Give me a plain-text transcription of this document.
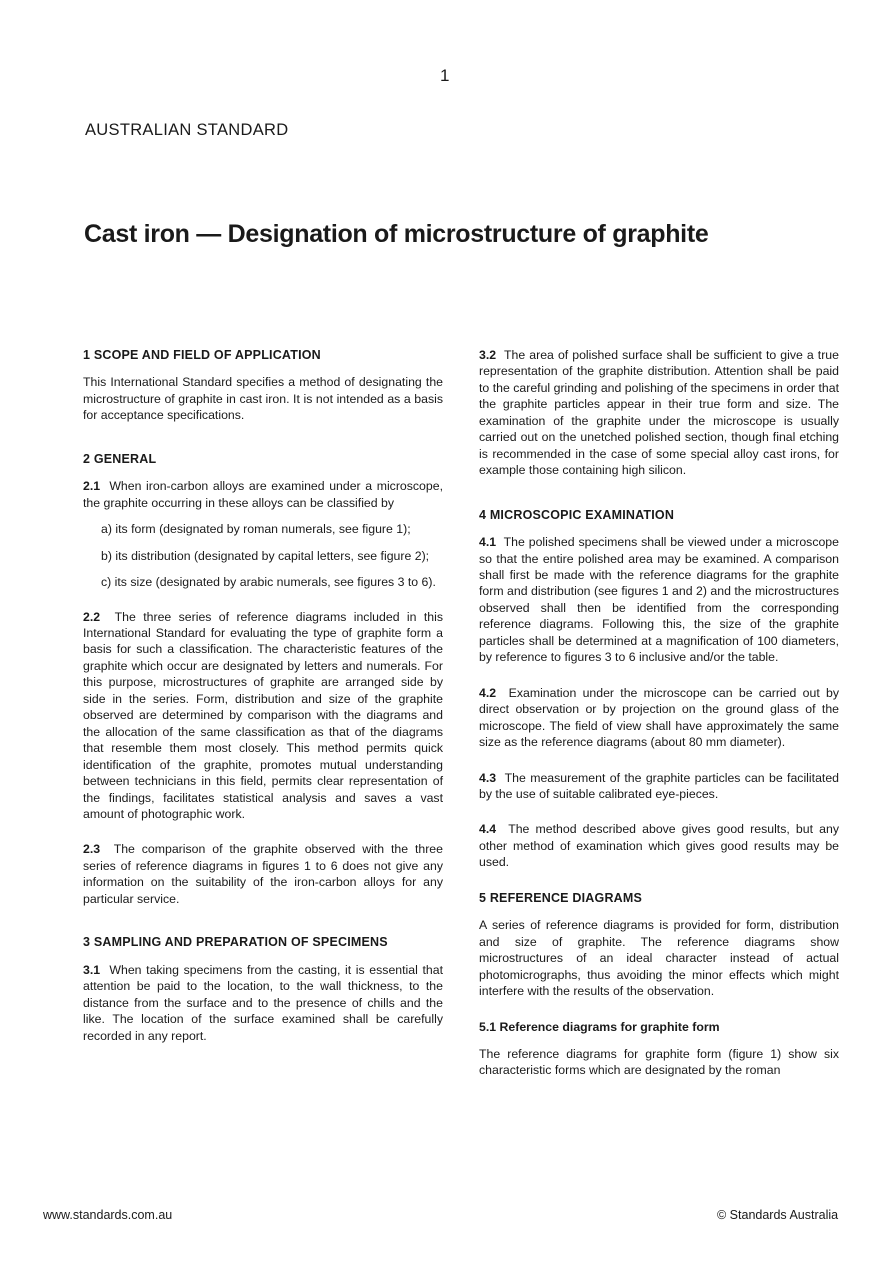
1
AUSTRALIAN STANDARD
Cast iron — Designation of microstructure of graphite
1 SCOPE AND FIELD OF APPLICATION

This International Standard specifies a method of designating the microstructure of graphite in cast iron. It is not intended as a basis for acceptance specifications.

2 GENERAL

2.1 When iron-carbon alloys are examined under a microscope, the graphite occurring in these alloys can be classified by

a) its form (designated by roman numerals, see figure 1);

b) its distribution (designated by capital letters, see figure 2);

c) its size (designated by arabic numerals, see figures 3 to 6).

2.2 The three series of reference diagrams included in this International Standard for evaluating the type of graphite form a basis for such a classification. The characteristic features of the graphite which occur are designated by letters and numerals. For this purpose, microstructures of graphite are arranged side by side in the series. Form, distribution and size of the graphite observed are determined by comparison with the diagrams and the allocation of the same classification as that of the diagrams that resemble them most closely. This method permits quick identification of the graphite, promotes mutual understanding between technicians in this field, permits clear representation of the findings, facilitates statistical analysis and saves a vast amount of photographic work.

2.3 The comparison of the graphite observed with the three series of reference diagrams in figures 1 to 6 does not give any information on the suitability of the iron-carbon alloys for any particular service.

3 SAMPLING AND PREPARATION OF SPECIMENS

3.1 When taking specimens from the casting, it is essential that attention be paid to the location, to the wall thickness, to the distance from the surface and to the presence of chills and the like. The location of the surface examined shall be carefully recorded in any report.

3.2 The area of polished surface shall be sufficient to give a true representation of the graphite distribution. Attention shall be paid to the careful grinding and polishing of the specimens in order that the graphite particles appear in their true form and size. The examination of the graphite under the microscope is usually carried out on the unetched polished section, though final etching is recommended in the case of some special alloy cast irons, for example those containing high silicon.

4 MICROSCOPIC EXAMINATION

4.1 The polished specimens shall be viewed under a microscope so that the entire polished area may be examined. A comparison shall first be made with the reference diagrams for the graphite form and distribution (see figures 1 and 2) and the microstructures observed shall then be identified from the corresponding reference diagrams. Following this, the size of the graphite particles shall be determined at a magnification of 100 diameters, by reference to figures 3 to 6 inclusive and/or the table.

4.2 Examination under the microscope can be carried out by direct observation or by projection on the ground glass of the microscope. The field of view shall have approximately the same size as the reference diagrams (about 80 mm diameter).

4.3 The measurement of the graphite particles can be facilitated by the use of suitable calibrated eye-pieces.

4.4 The method described above gives good results, but any other method of examination which gives good results may be used.

5 REFERENCE DIAGRAMS

A series of reference diagrams is provided for form, distribution and size of graphite. The reference diagrams show microstructures of an ideal character instead of actual photomicrographs, thus avoiding the minor effects which might interfere with the results of the observation.

5.1 Reference diagrams for graphite form

The reference diagrams for graphite form (figure 1) show six characteristic forms which are designated by the roman

www.standards.com.au	© Standards Australia
